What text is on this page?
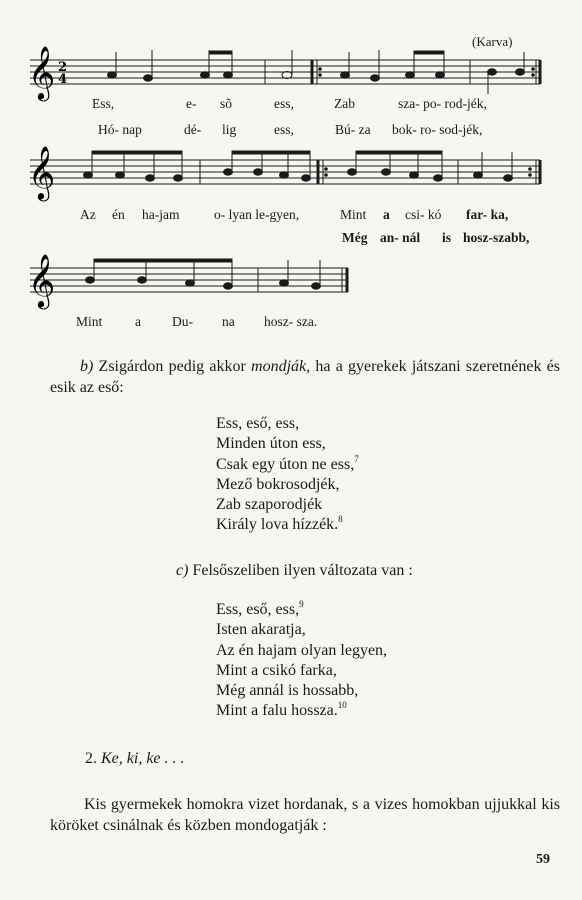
(Karva)
𝄞 2
4
Ess,	e- sõ	ess,	Zab	sza- po- rod-jék,
Hó- nap	dé- lig	ess,	Bú- za bok- ro- sod-jék,
𝄞
Az én ha-jam	o- lyan le-gyen,	Mint a csi- kó far- ka,
Még an- nál is hosz-szabb,
𝄞
Mint a Du- na hosz- sza.
b) Zsigárdon pedig akkor mondják, ha a gyerekek játszani szeretnének és esik az eső:
Ess, eső, ess,
Minden úton ess,
Csak egy úton ne ess,$^7$
Mező bokrosodjék,
Zab szaporodjék
Király lova hízzék.$^8$
c) Felsőszeliben ilyen változata van :
Ess, eső, ess,$^9$
Isten akaratja,
Az én hajam olyan legyen,
Mint a csikó farka,
Még annál is hossabb,
Mint a falu hossza.$^{10}$
2. Ke, ki, ke . . .
Kis gyermekek homokra vizet hordanak, s a vizes homokban ujjukkal kis köröket csinálnak és közben mondogatják :
59
